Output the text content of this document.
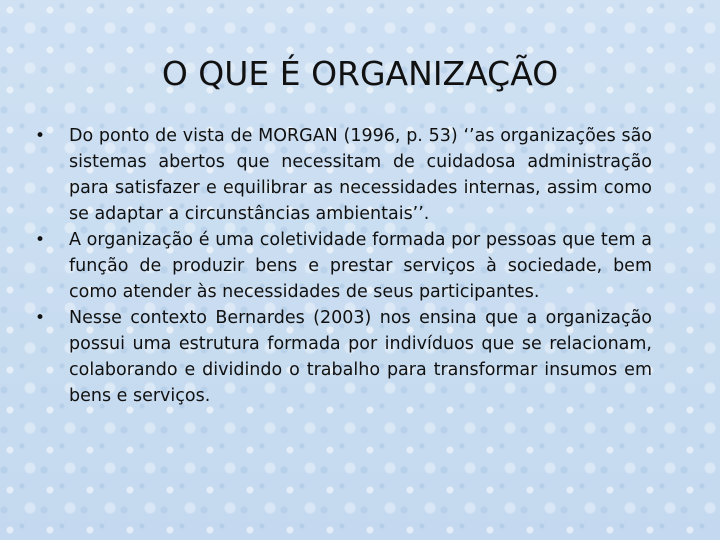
O QUE É ORGANIZAÇÃO
• Do ponto de vista de MORGAN (1996, p. 53) ‘’as organizações são sistemas abertos que necessitam de cuidadosa administração para satisfazer e equilibrar as necessidades internas, assim como se adaptar a circunstâncias ambientais’’.
• A organização é uma coletividade formada por pessoas que tem a função de produzir bens e prestar serviços à sociedade, bem como atender às necessidades de seus participantes.
• Nesse contexto Bernardes (2003) nos ensina que a organização possui uma estrutura formada por indivíduos que se relacionam, colaborando e dividindo o trabalho para transformar insumos em bens e serviços.
